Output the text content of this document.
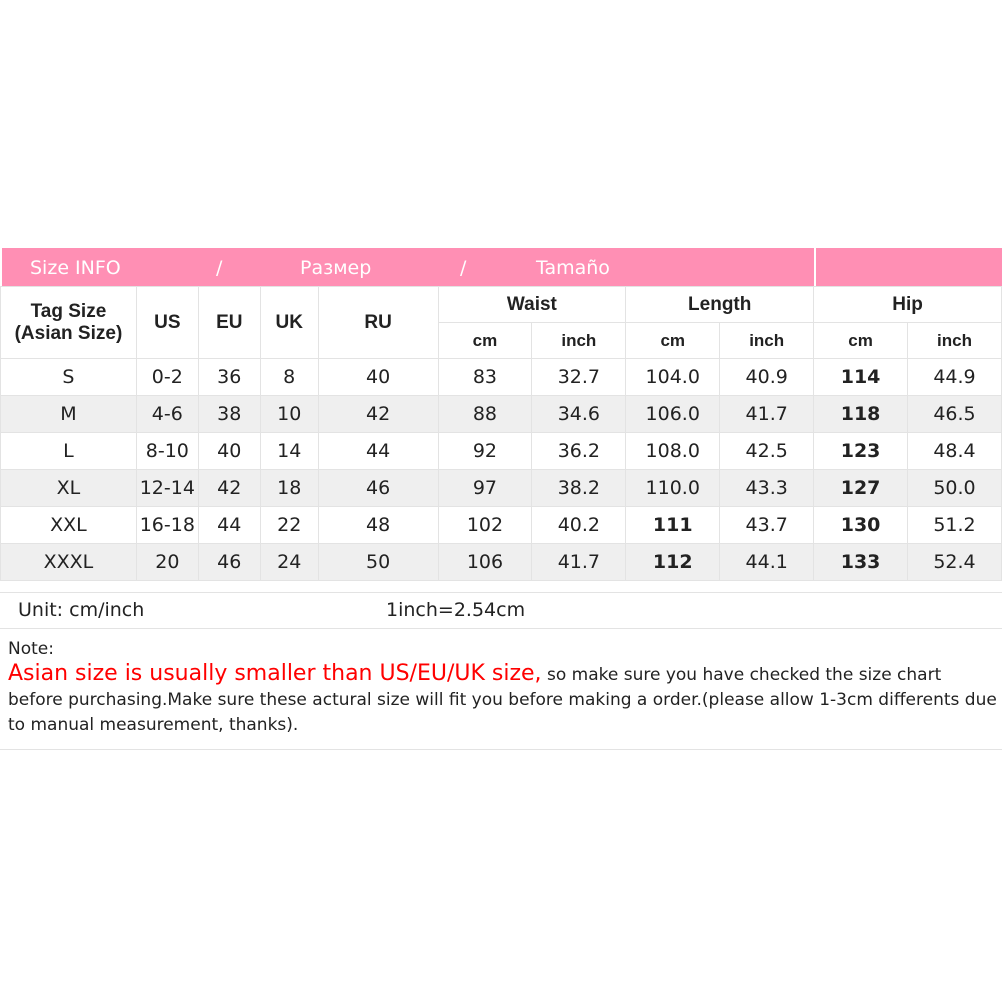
Size INFO	/	Размер	/	Tamaño
Tag Size
(Asian Size)	US	EU	UK	RU	Waist		Length		Hip	
					cm	inch	cm	inch	cm	inch
S	0-2	36	8	40	83	32.7	104.0	40.9	114	44.9
M	4-6	38	10	42	88	34.6	106.0	41.7	118	46.5
L	8-10	40	14	44	92	36.2	108.0	42.5	123	48.4
XL	12-14	42	18	46	97	38.2	110.0	43.3	127	50.0
XXL	16-18	44	22	48	102	40.2	111	43.7	130	51.2
XXXL	20	46	24	50	106	41.7	112	44.1	133	52.4
Unit: cm/inch	1inch=2.54cm
Note:
Asian size is usually smaller than US/EU/UK size, so make sure you have checked the size chart before purchasing.Make sure these actural size will fit you before making a order.(please allow 1-3cm differents due to manual measurement, thanks).
